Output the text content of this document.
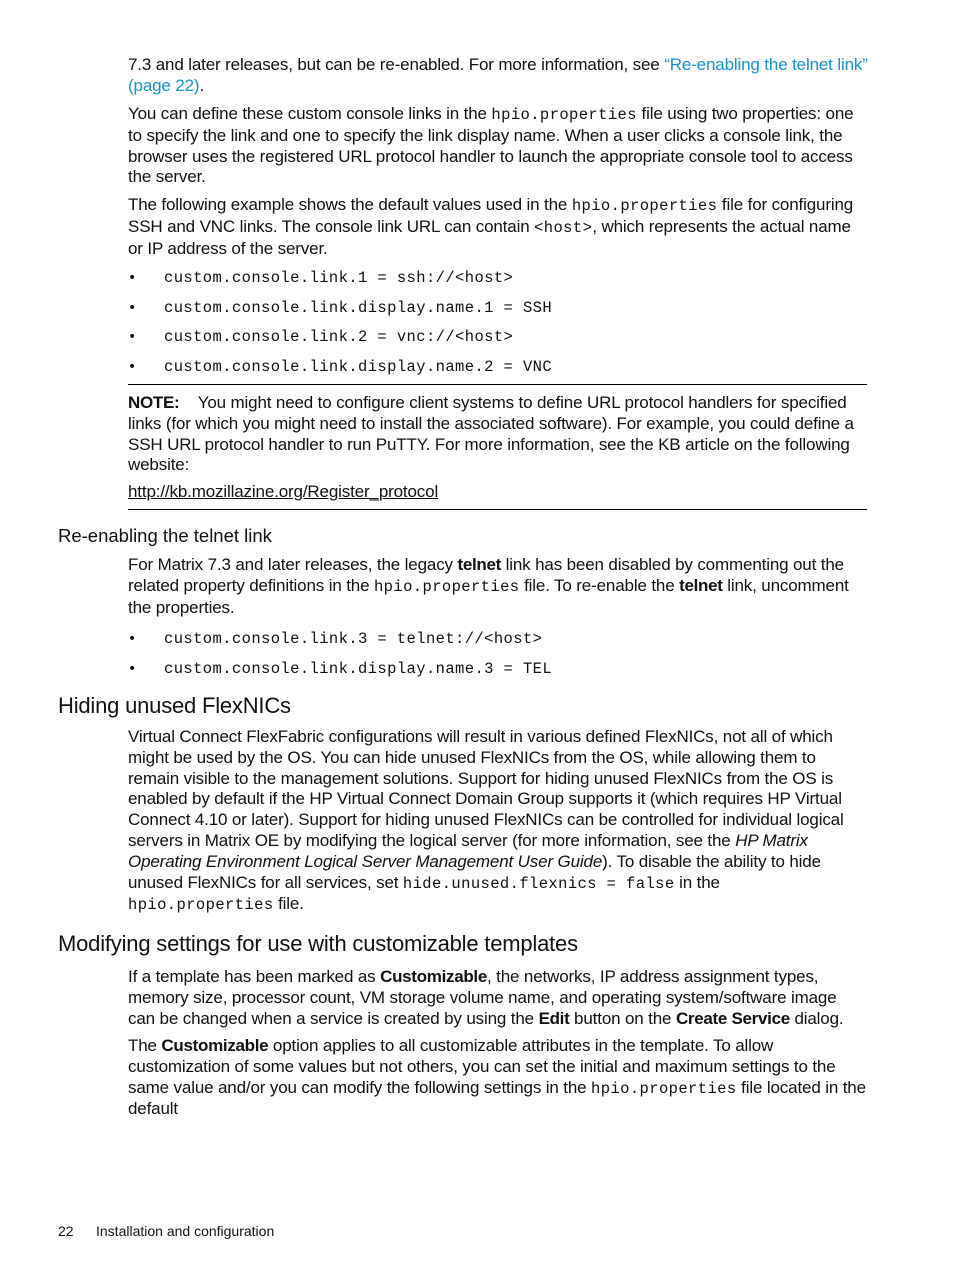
7.3 and later releases, but can be re-enabled. For more information, see “Re-enabling the telnet link” (page 22).

You can define these custom console links in the hpio.properties file using two properties: one to specify the link and one to specify the link display name. When a user clicks a console link, the browser uses the registered URL protocol handler to launch the appropriate console tool to access the server.

The following example shows the default values used in the hpio.properties file for configuring SSH and VNC links. The console link URL can contain <host>, which represents the actual name or IP address of the server.

• custom.console.link.1 = ssh://<host>
• custom.console.link.display.name.1 = SSH
• custom.console.link.2 = vnc://<host>
• custom.console.link.display.name.2 = VNC

NOTE: You might need to configure client systems to define URL protocol handlers for specified links (for which you might need to install the associated software). For example, you could define a SSH URL protocol handler to run PuTTY. For more information, see the KB article on the following website:

http://kb.mozillazine.org/Register_protocol

Re-enabling the telnet link

For Matrix 7.3 and later releases, the legacy telnet link has been disabled by commenting out the related property definitions in the hpio.properties file. To re-enable the telnet link, uncomment the properties.

• custom.console.link.3 = telnet://<host>
• custom.console.link.display.name.3 = TEL
Hiding unused FlexNICs

Virtual Connect FlexFabric configurations will result in various defined FlexNICs, not all of which might be used by the OS. You can hide unused FlexNICs from the OS, while allowing them to remain visible to the management solutions. Support for hiding unused FlexNICs from the OS is enabled by default if the HP Virtual Connect Domain Group supports it (which requires HP Virtual Connect 4.10 or later). Support for hiding unused FlexNICs can be controlled for individual logical servers in Matrix OE by modifying the logical server (for more information, see the HP Matrix Operating Environment Logical Server Management User Guide). To disable the ability to hide unused FlexNICs for all services, set hide.unused.flexnics = false in the hpio.properties file.

Modifying settings for use with customizable templates

If a template has been marked as Customizable, the networks, IP address assignment types, memory size, processor count, VM storage volume name, and operating system/software image can be changed when a service is created by using the Edit button on the Create Service dialog.

The Customizable option applies to all customizable attributes in the template. To allow customization of some values but not others, you can set the initial and maximum settings to the same value and/or you can modify the following settings in the hpio.properties file located in the default

22 Installation and configuration
